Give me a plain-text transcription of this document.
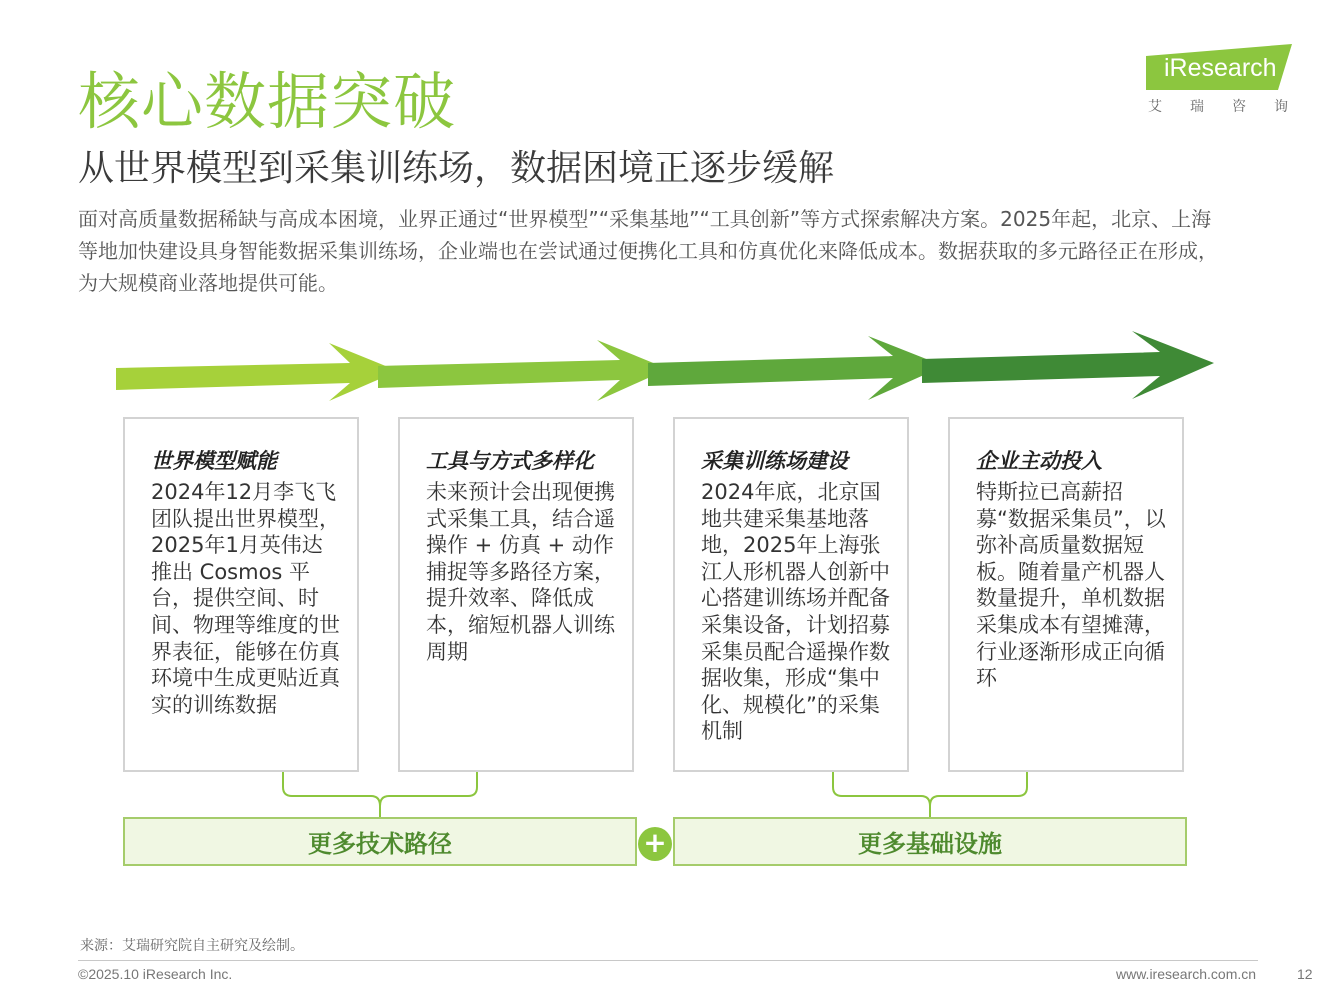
核心数据突破
从世界模型到采集训练场，数据困境正逐步缓解

面对高质量数据稀缺与高成本困境，业界正通过“世界模型”“采集基地”“工具创新”等方式探索解决方案。2025年起，北京、上海等地加快建设具身智能数据采集训练场，企业端也在尝试通过便携化工具和仿真优化来降低成本。数据获取的多元路径正在形成，为大规模商业落地提供可能。

iResearch
艾瑞咨询
世界模型赋能

2024年12月李飞飞团队提出世界模型，2025年1月英伟达推出 Cosmos 平台，提供空间、时间、物理等维度的世界表征，能够在仿真环境中生成更贴近真实的训练数据

工具与方式多样化

未来预计会出现便携式采集工具，结合遥操作 + 仿真 + 动作捕捉等多路径方案，提升效率、降低成本，缩短机器人训练周期

采集训练场建设

2024年底，北京国地共建采集基地落地，2025年上海张江人形机器人创新中心搭建训练场并配备采集设备，计划招募采集员配合遥操作数据收集，形成“集中化、规模化”的采集机制

企业主动投入

特斯拉已高薪招募“数据采集员”，以弥补高质量数据短板。随着量产机器人数量提升，单机数据采集成本有望摊薄，行业逐渐形成正向循环

更多技术路径	+	更多基础设施
来源：艾瑞研究院自主研究及绘制。
©2025.10 iResearch Inc.	www.iresearch.com.cn	12
